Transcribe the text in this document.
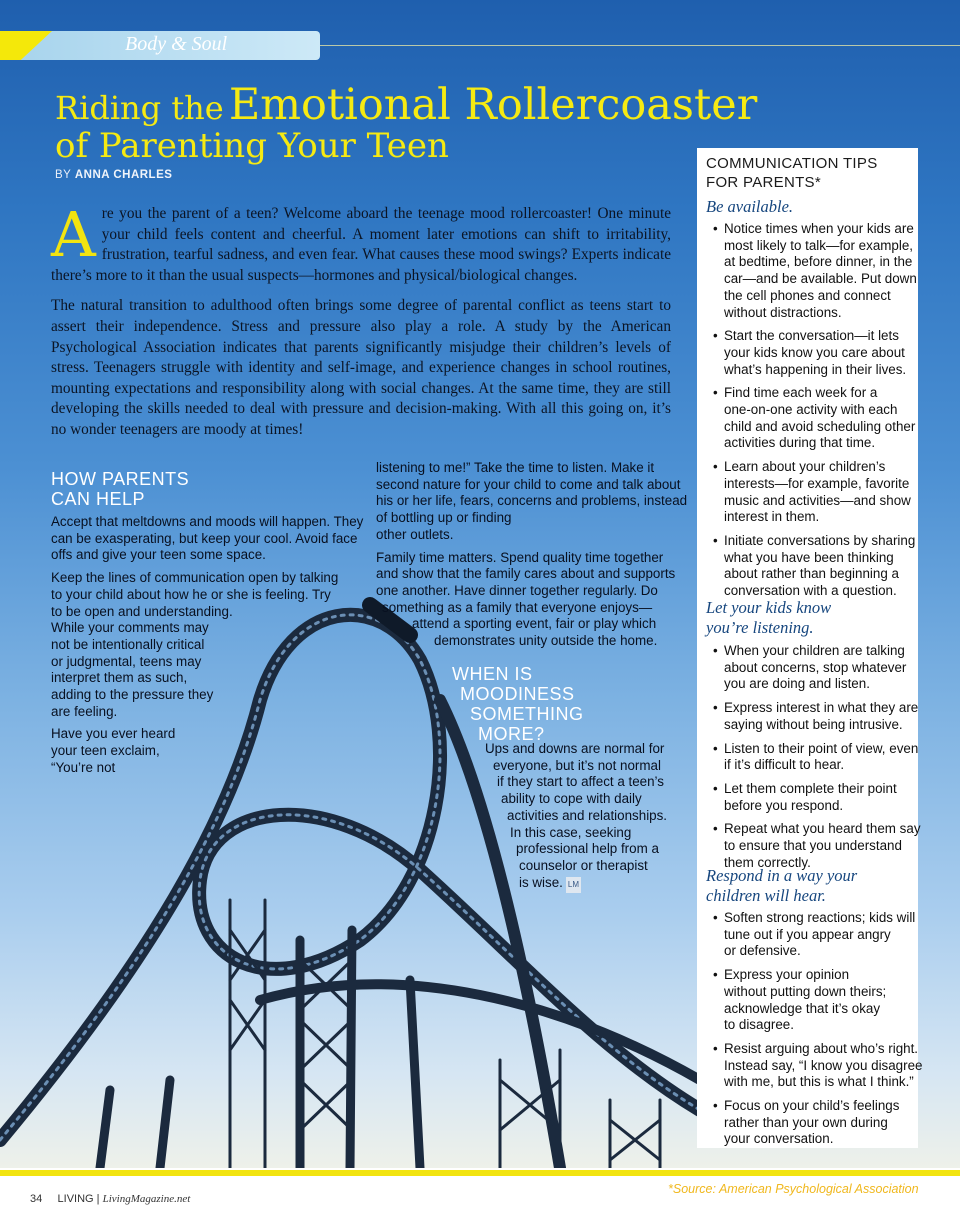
Body & Soul
Riding the Emotional Rollercoaster
of Parenting Your Teen
BY ANNA CHARLES

Are you the parent of a teen? Welcome aboard the teenage mood rollercoaster! One minute your child feels content and cheerful. A moment later emotions can shift to irritability, frustration, tearful sadness, and even fear. What causes these mood swings? Experts indicate there’s more to it than the usual suspects—hormones and physical/biological changes.

The natural transition to adulthood often brings some degree of parental conflict as teens start to assert their independence. Stress and pressure also play a role. A study by the American Psychological Association indicates that parents significantly misjudge their children’s levels of stress. Teenagers struggle with identity and self-image, and experience changes in school routines, mounting expectations and responsibility along with social changes. At the same time, they are still developing the skills needed to deal with pressure and decision-making. With all this going on, it’s no wonder teenagers are moody at times!

HOW PARENTS
CAN HELP

Accept that meltdowns and moods will happen. They
can be exasperating, but keep your cool. Avoid face
offs and give your teen some space.

Keep the lines of communication open by talking
to your child about how he or she is feeling. Try
to be open and understanding.
While your comments may
not be intentionally critical
or judgmental, teens may
interpret them as such,
adding to the pressure they
are feeling.

Have you ever heard
your teen exclaim,
“You’re not

listening to me!” Take the time to listen. Make it
second nature for your child to come and talk about
his or her life, fears, concerns and problems, instead
of bottling up or finding
other outlets.

Family time matters. Spend quality time together
and show that the family cares about and supports
one another. Have dinner together regularly. Do
something as a family that everyone enjoys—
attend a sporting event, fair or play which
demonstrates unity outside the home.

WHEN IS
MOODINESS
SOMETHING
MORE?
Ups and downs are normal for
everyone, but it’s not normal
if they start to affect a teen’s
ability to cope with daily
activities and relationships.
In this case, seeking
professional help from a
counselor or therapist
is wise. LM
COMMUNICATION TIPS
FOR PARENTS*
Be available.
• Notice times when your kids are
most likely to talk—for example,
at bedtime, before dinner, in the
car—and be available. Put down
the cell phones and connect
without distractions.
• Start the conversation—it lets
your kids know you care about
what’s happening in their lives.
• Find time each week for a
one-on-one activity with each
child and avoid scheduling other
activities during that time.
• Learn about your children’s
interests—for example, favorite
music and activities—and show
interest in them.
• Initiate conversations by sharing
what you have been thinking
about rather than beginning a
conversation with a question.
Let your kids know
you’re listening.
• When your children are talking
about concerns, stop whatever
you are doing and listen.
• Express interest in what they are
saying without being intrusive.
• Listen to their point of view, even
if it’s difficult to hear.
• Let them complete their point
before you respond.
• Repeat what you heard them say
to ensure that you understand
them correctly.
Respond in a way your
children will hear.
• Soften strong reactions; kids will
tune out if you appear angry
or defensive.
• Express your opinion
without putting down theirs;
acknowledge that it’s okay
to disagree.
• Resist arguing about who’s right.
Instead say, “I know you disagree
with me, but this is what I think.”
• Focus on your child’s feelings
rather than your own during
your conversation.
*Source: American Psychological Association
34 LIVING | LivingMagazine.net
